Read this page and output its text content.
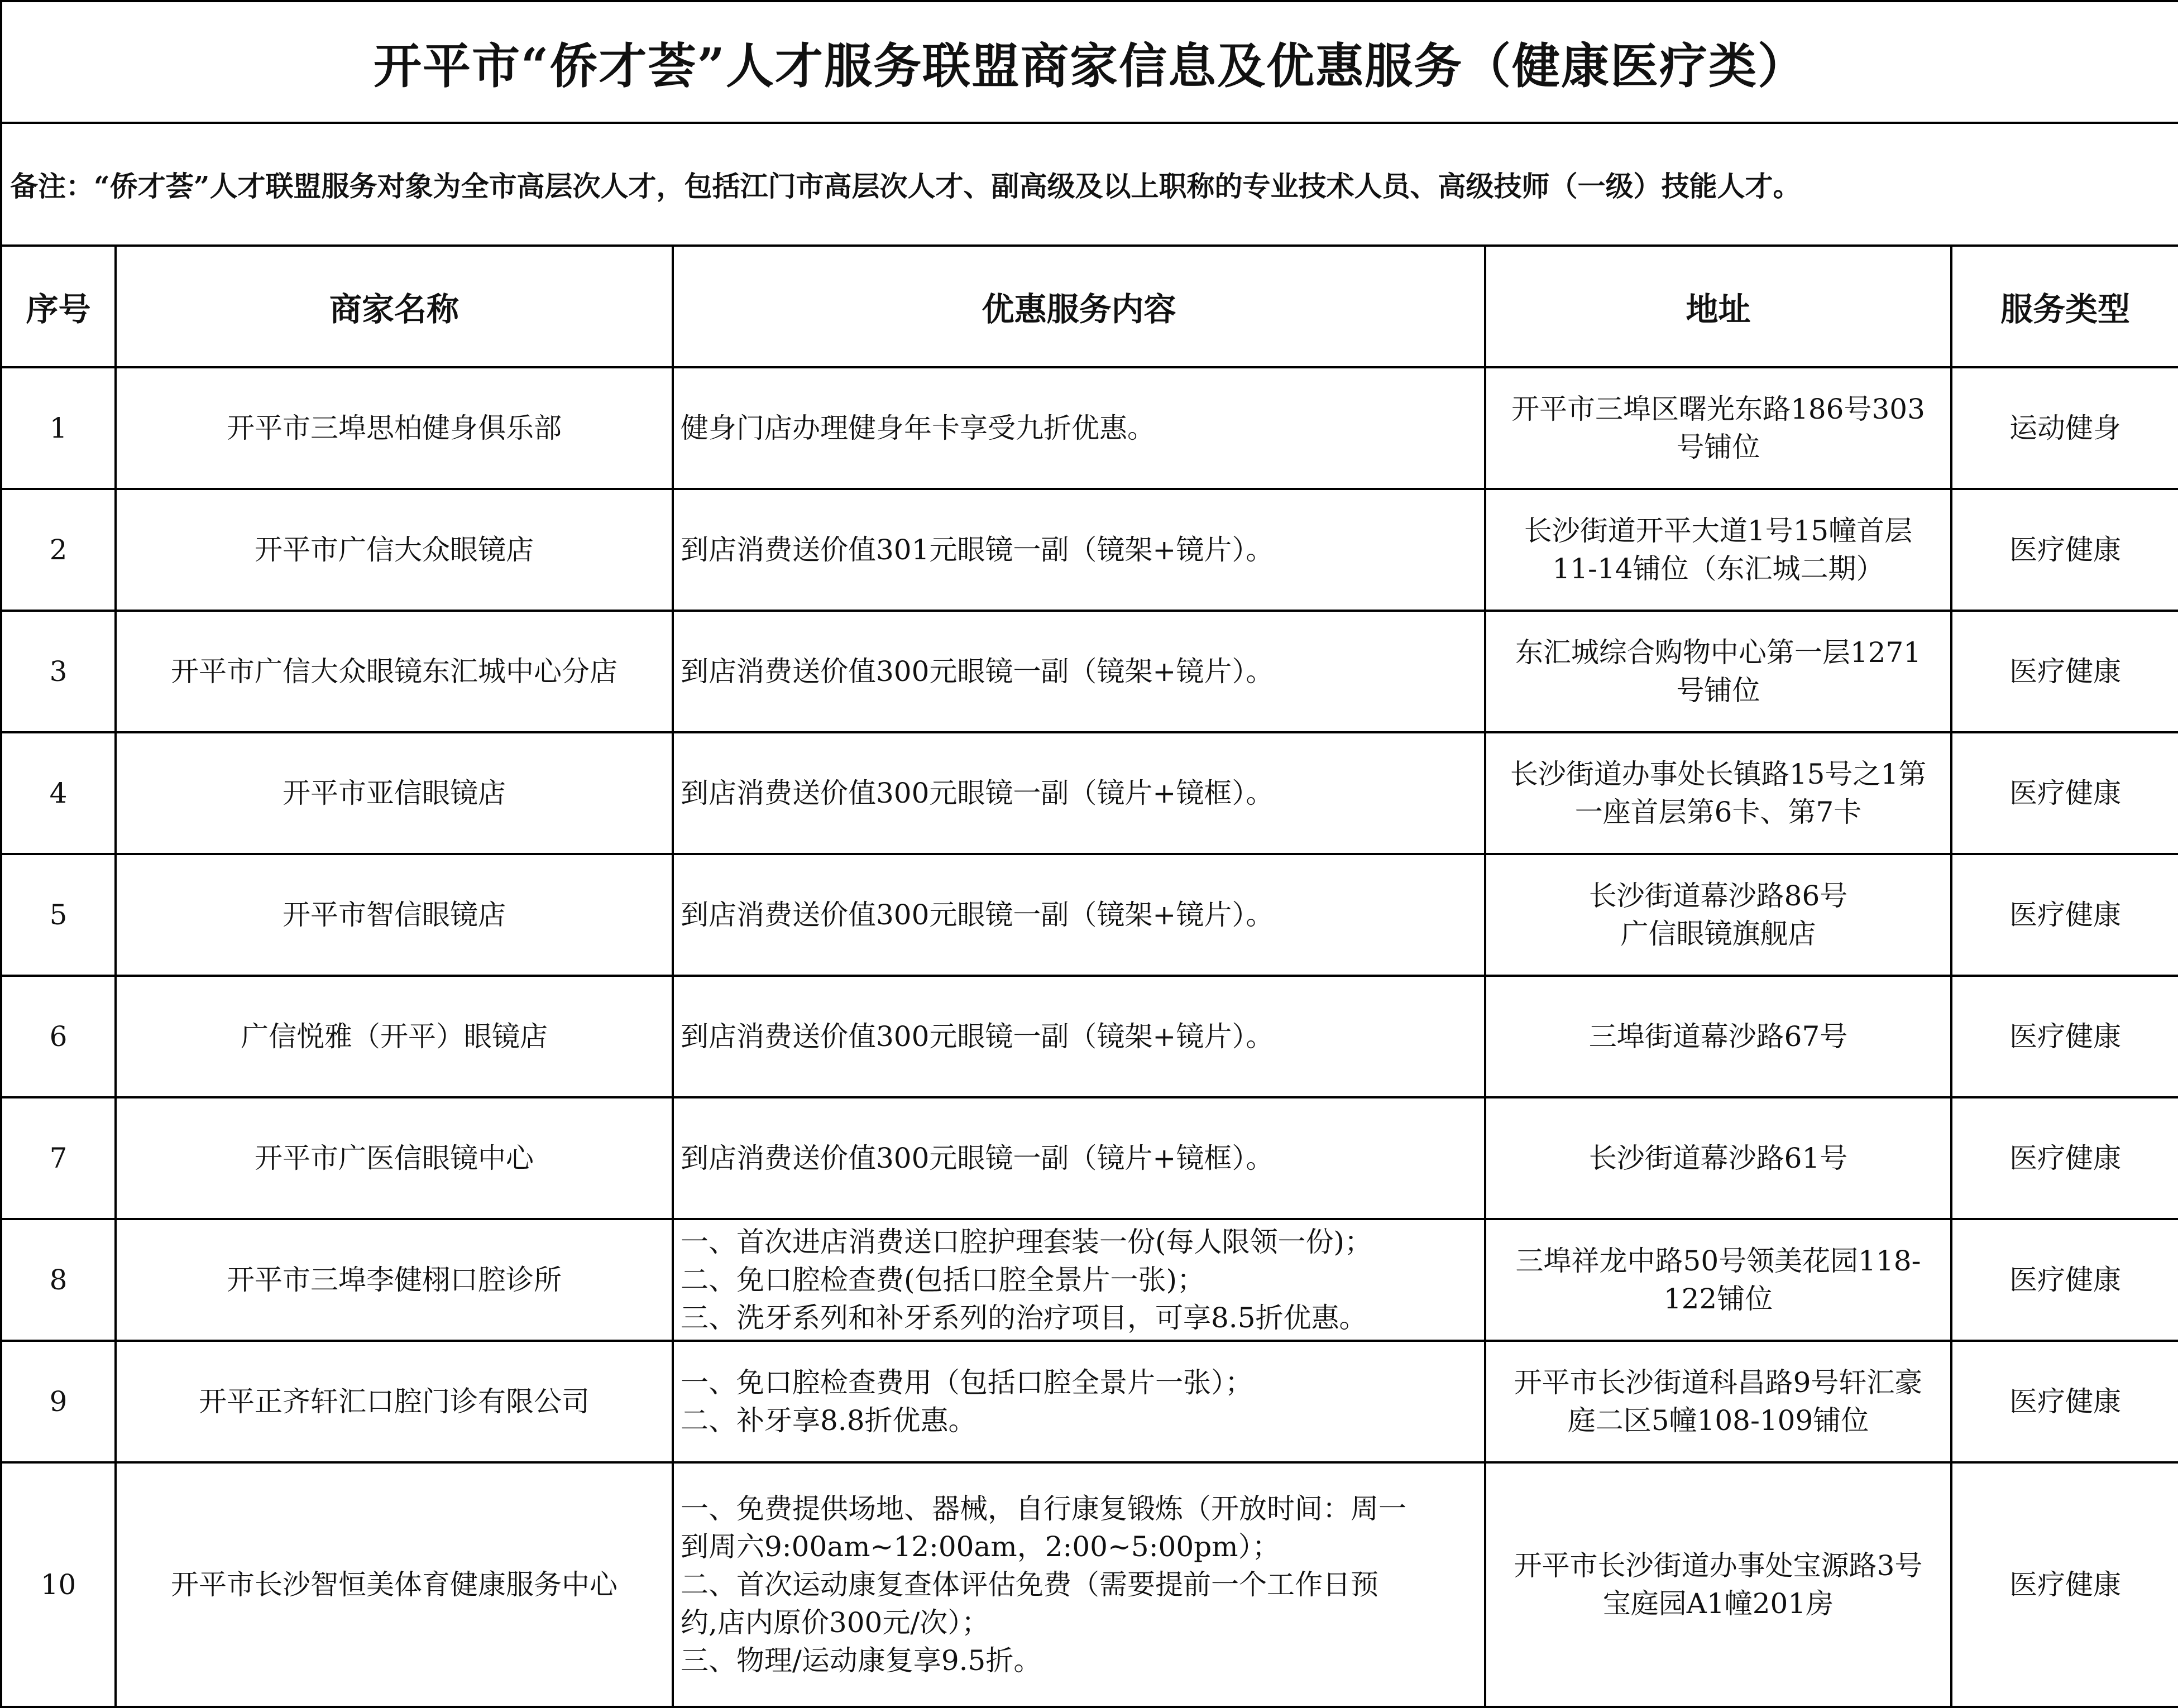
开平市“侨才荟”人才服务联盟商家信息及优惠服务（健康医疗类）				
备注：“侨才荟”人才联盟服务对象为全市高层次人才，包括江门市高层次人才、副高级及以上职称的专业技术人员、高级技师（一级）技能人才。				
序号	商家名称	优惠服务内容	地址	服务类型
1	开平市三埠思柏健身俱乐部	健身门店办理健身年卡享受九折优惠。	开平市三埠区曙光东路186号303
号铺位	运动健身
2	开平市广信大众眼镜店	到店消费送价值301元眼镜一副（镜架+镜片）。	长沙街道开平大道1号15幢首层
11-14铺位（东汇城二期）	医疗健康
3	开平市广信大众眼镜东汇城中心分店	到店消费送价值300元眼镜一副（镜架+镜片）。	东汇城综合购物中心第一层1271
号铺位	医疗健康
4	开平市亚信眼镜店	到店消费送价值300元眼镜一副（镜片+镜框）。	长沙街道办事处长镇路15号之1第
一座首层第6卡、第7卡	医疗健康
5	开平市智信眼镜店	到店消费送价值300元眼镜一副（镜架+镜片）。	长沙街道幕沙路86号
广信眼镜旗舰店	医疗健康
6	广信悦雅（开平）眼镜店	到店消费送价值300元眼镜一副（镜架+镜片）。	三埠街道幕沙路67号	医疗健康
7	开平市广医信眼镜中心	到店消费送价值300元眼镜一副（镜片+镜框）。	长沙街道幕沙路61号	医疗健康
8	开平市三埠李健栩口腔诊所	一、首次进店消费送口腔护理套装一份(每人限领一份)；
二、免口腔检查费(包括口腔全景片一张)；
三、洗牙系列和补牙系列的治疗项目，可享8.5折优惠。	三埠祥龙中路50号领美花园118-
122铺位	医疗健康
9	开平正齐轩汇口腔门诊有限公司	一、免口腔检查费用（包括口腔全景片一张）；
二、补牙享8.8折优惠。	开平市长沙街道科昌路9号轩汇豪
庭二区5幢108-109铺位	医疗健康
10	开平市长沙智恒美体育健康服务中心	一、免费提供场地、器械，自行康复锻炼（开放时间：周一
到周六9:00am~12:00am，2:00~5:00pm）；
二、首次运动康复查体评估免费（需要提前一个工作日预
约,店内原价300元/次）；
三、物理/运动康复享9.5折。	开平市长沙街道办事处宝源路3号
宝庭园A1幢201房	医疗健康
